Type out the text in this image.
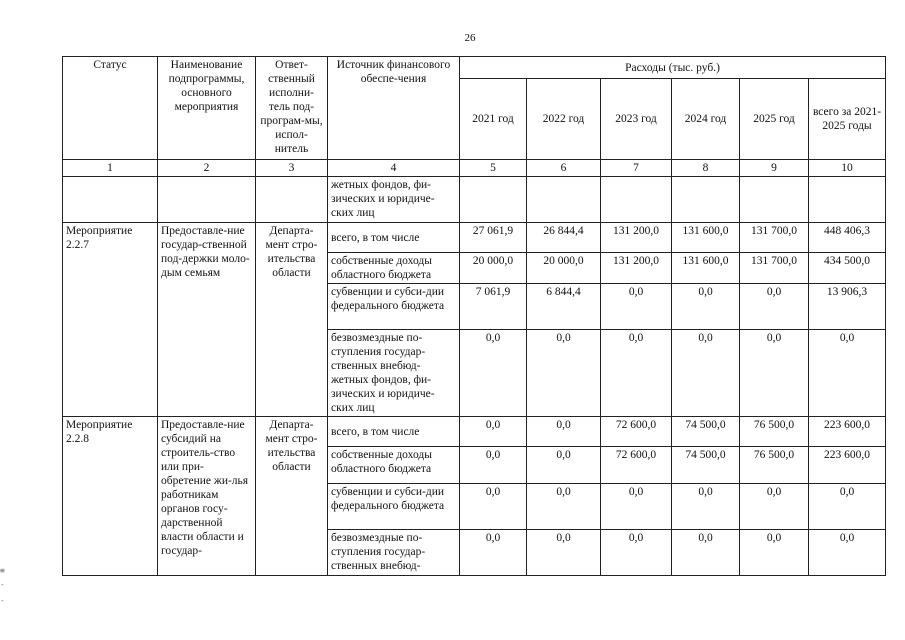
26
≡
-
-
Статус	Наименование подпрограммы, основного мероприятия	Ответ-ственный исполни-тель под-програм-мы, испол-нитель	Источник финансового обеспе-чения	Расходы (тыс. руб.)					
				2021 год	2022 год	2023 год	2024 год	2025 год	всего за 2021-2025 годы
1	2	3	4	5	6	7	8	9	10
			жетных фондов, фи-зических и юридиче-ских лиц						
Мероприятие 2.2.7	Предоставле-ние государ-ственной под-держки моло-дым семьям	Департа-мент стро-ительства области	всего, в том числе	27 061,9	26 844,4	131 200,0	131 600,0	131 700,0	448 406,3
			собственные доходы областного бюджета	20 000,0	20 000,0	131 200,0	131 600,0	131 700,0	434 500,0
			субвенции и субси-дии федерального бюджета	7 061,9	6 844,4	0,0	0,0	0,0	13 906,3
			безвозмездные по-ступления государ-ственных внебюд-жетных фондов, фи-зических и юридиче-ских лиц	0,0	0,0	0,0	0,0	0,0	0,0
Мероприятие 2.2.8	Предоставле-ние субсидий на строитель-ство или при-обретение жи-лья работникам органов госу-дарственной власти области и государ-	Департа-мент стро-ительства области	всего, в том числе	0,0	0,0	72 600,0	74 500,0	76 500,0	223 600,0
			собственные доходы областного бюджета	0,0	0,0	72 600,0	74 500,0	76 500,0	223 600,0
			субвенции и субси-дии федерального бюджета	0,0	0,0	0,0	0,0	0,0	0,0
			безвозмездные по-ступления государ-ственных внебюд-	0,0	0,0	0,0	0,0	0,0	0,0
